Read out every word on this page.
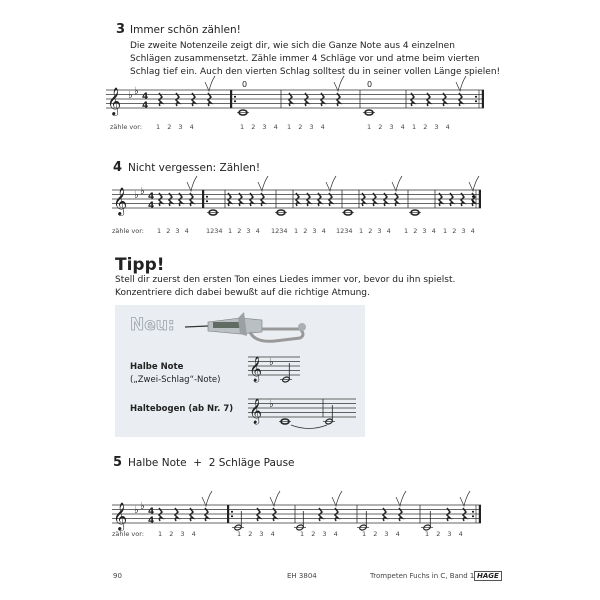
𝄞 ♭ ♭ 4
4
𝄞 ♭ ♭ 4
4
𝄞 ♭ ♭ 4
4
𝄞 ♭
𝄞 ♭
3 Immer schön zählen!
Die zweite Notenzeile zeigt dir, wie sich die Ganze Note aus 4 einzelnen
Schlägen zusammensetzt. Zähle immer 4 Schläge vor und atme beim vierten
Schlag tief ein. Auch den vierten Schlag solltest du in seiner vollen Länge spielen!
0	0
zähle vor: 1 2 3 4	1 2 3 4 1 2 3 4	1 2 3 4 1 2 3 4
4 Nicht vergessen: Zählen!
zähle vor: 1 2 3 4	1234 1 2 3 4 1234 1 2 3 4 1234 1 2 3 4 1 2 3 4 1 2 3 4
Tipp!
Stell dir zuerst den ersten Ton eines Liedes immer vor, bevor du ihn spielst.
Konzentriere dich dabei bewußt auf die richtige Atmung.
Neu:
Halbe Note
(„Zwei-Schlag“-Note)
Haltebogen (ab Nr. 7)
5 Halbe Note  +  2 Schläge Pause
zähle vor: 1 2 3 4	1 2 3 4	1 2 3 4	1 2 3 4	1 2 3 4
90	EH 3804	Trompeten Fuchs in C, Band 1 HAGE
